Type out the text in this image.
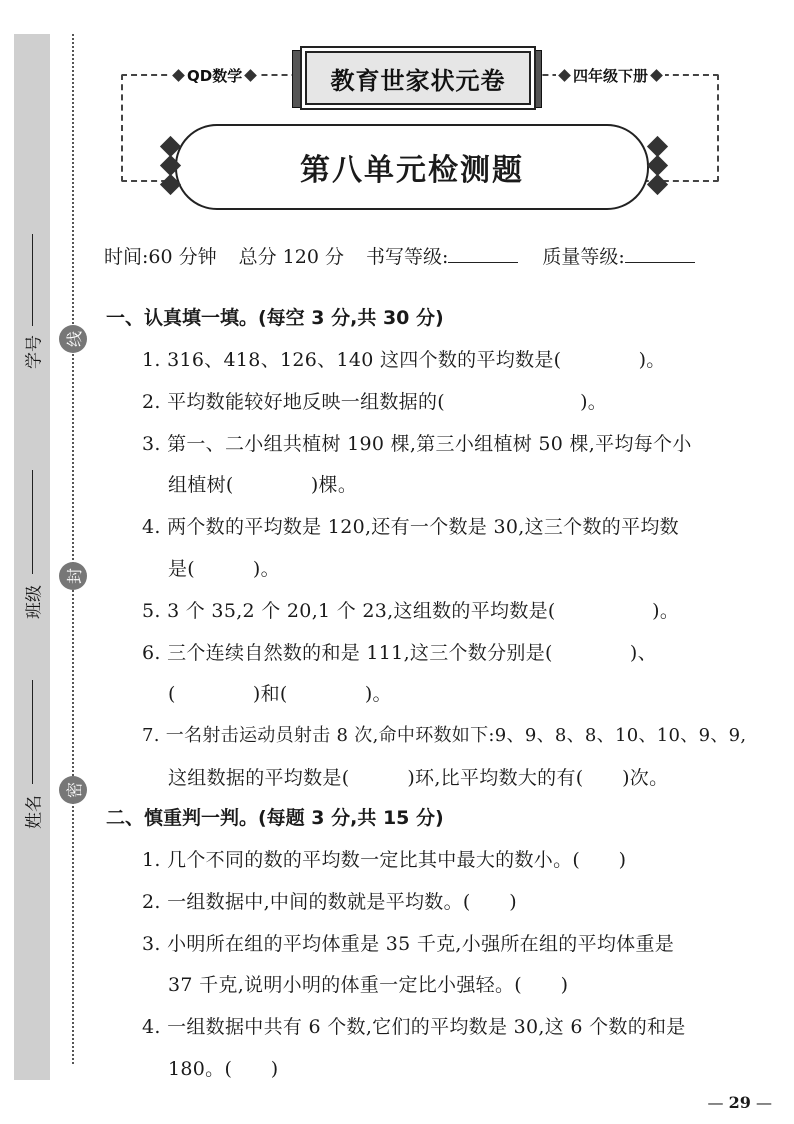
学号
班级
姓名
线
封
密
QD数学	四年级下册
教育世家状元卷
第八单元检测题
时间:60 分钟 总分 120 分 书写等级:	质量等级:
一、认真填一填。(每空 3 分,共 30 分)
1. 316、418、126、140 这四个数的平均数是(　　　　)。
2. 平均数能较好地反映一组数据的(　　　　　　　)。
3. 第一、二小组共植树 190 棵,第三小组植树 50 棵,平均每个小
组植树(　　　　)棵。
4. 两个数的平均数是 120,还有一个数是 30,这三个数的平均数
是(　　　)。
5. 3 个 35,2 个 20,1 个 23,这组数的平均数是(　　　　　)。
6. 三个连续自然数的和是 111,这三个数分别是(　　　　)、
(　　　　)和(　　　　)。
7. 一名射击运动员射击 8 次,命中环数如下:9、9、8、8、10、10、9、9,
这组数据的平均数是(　　　)环,比平均数大的有(　　)次。
二、慎重判一判。(每题 3 分,共 15 分)
1. 几个不同的数的平均数一定比其中最大的数小。(　　)
2. 一组数据中,中间的数就是平均数。(　　)
3. 小明所在组的平均体重是 35 千克,小强所在组的平均体重是
37 千克,说明小明的体重一定比小强轻。(　　)
4. 一组数据中共有 6 个数,它们的平均数是 30,这 6 个数的和是
180。(　　)
— 29 —
